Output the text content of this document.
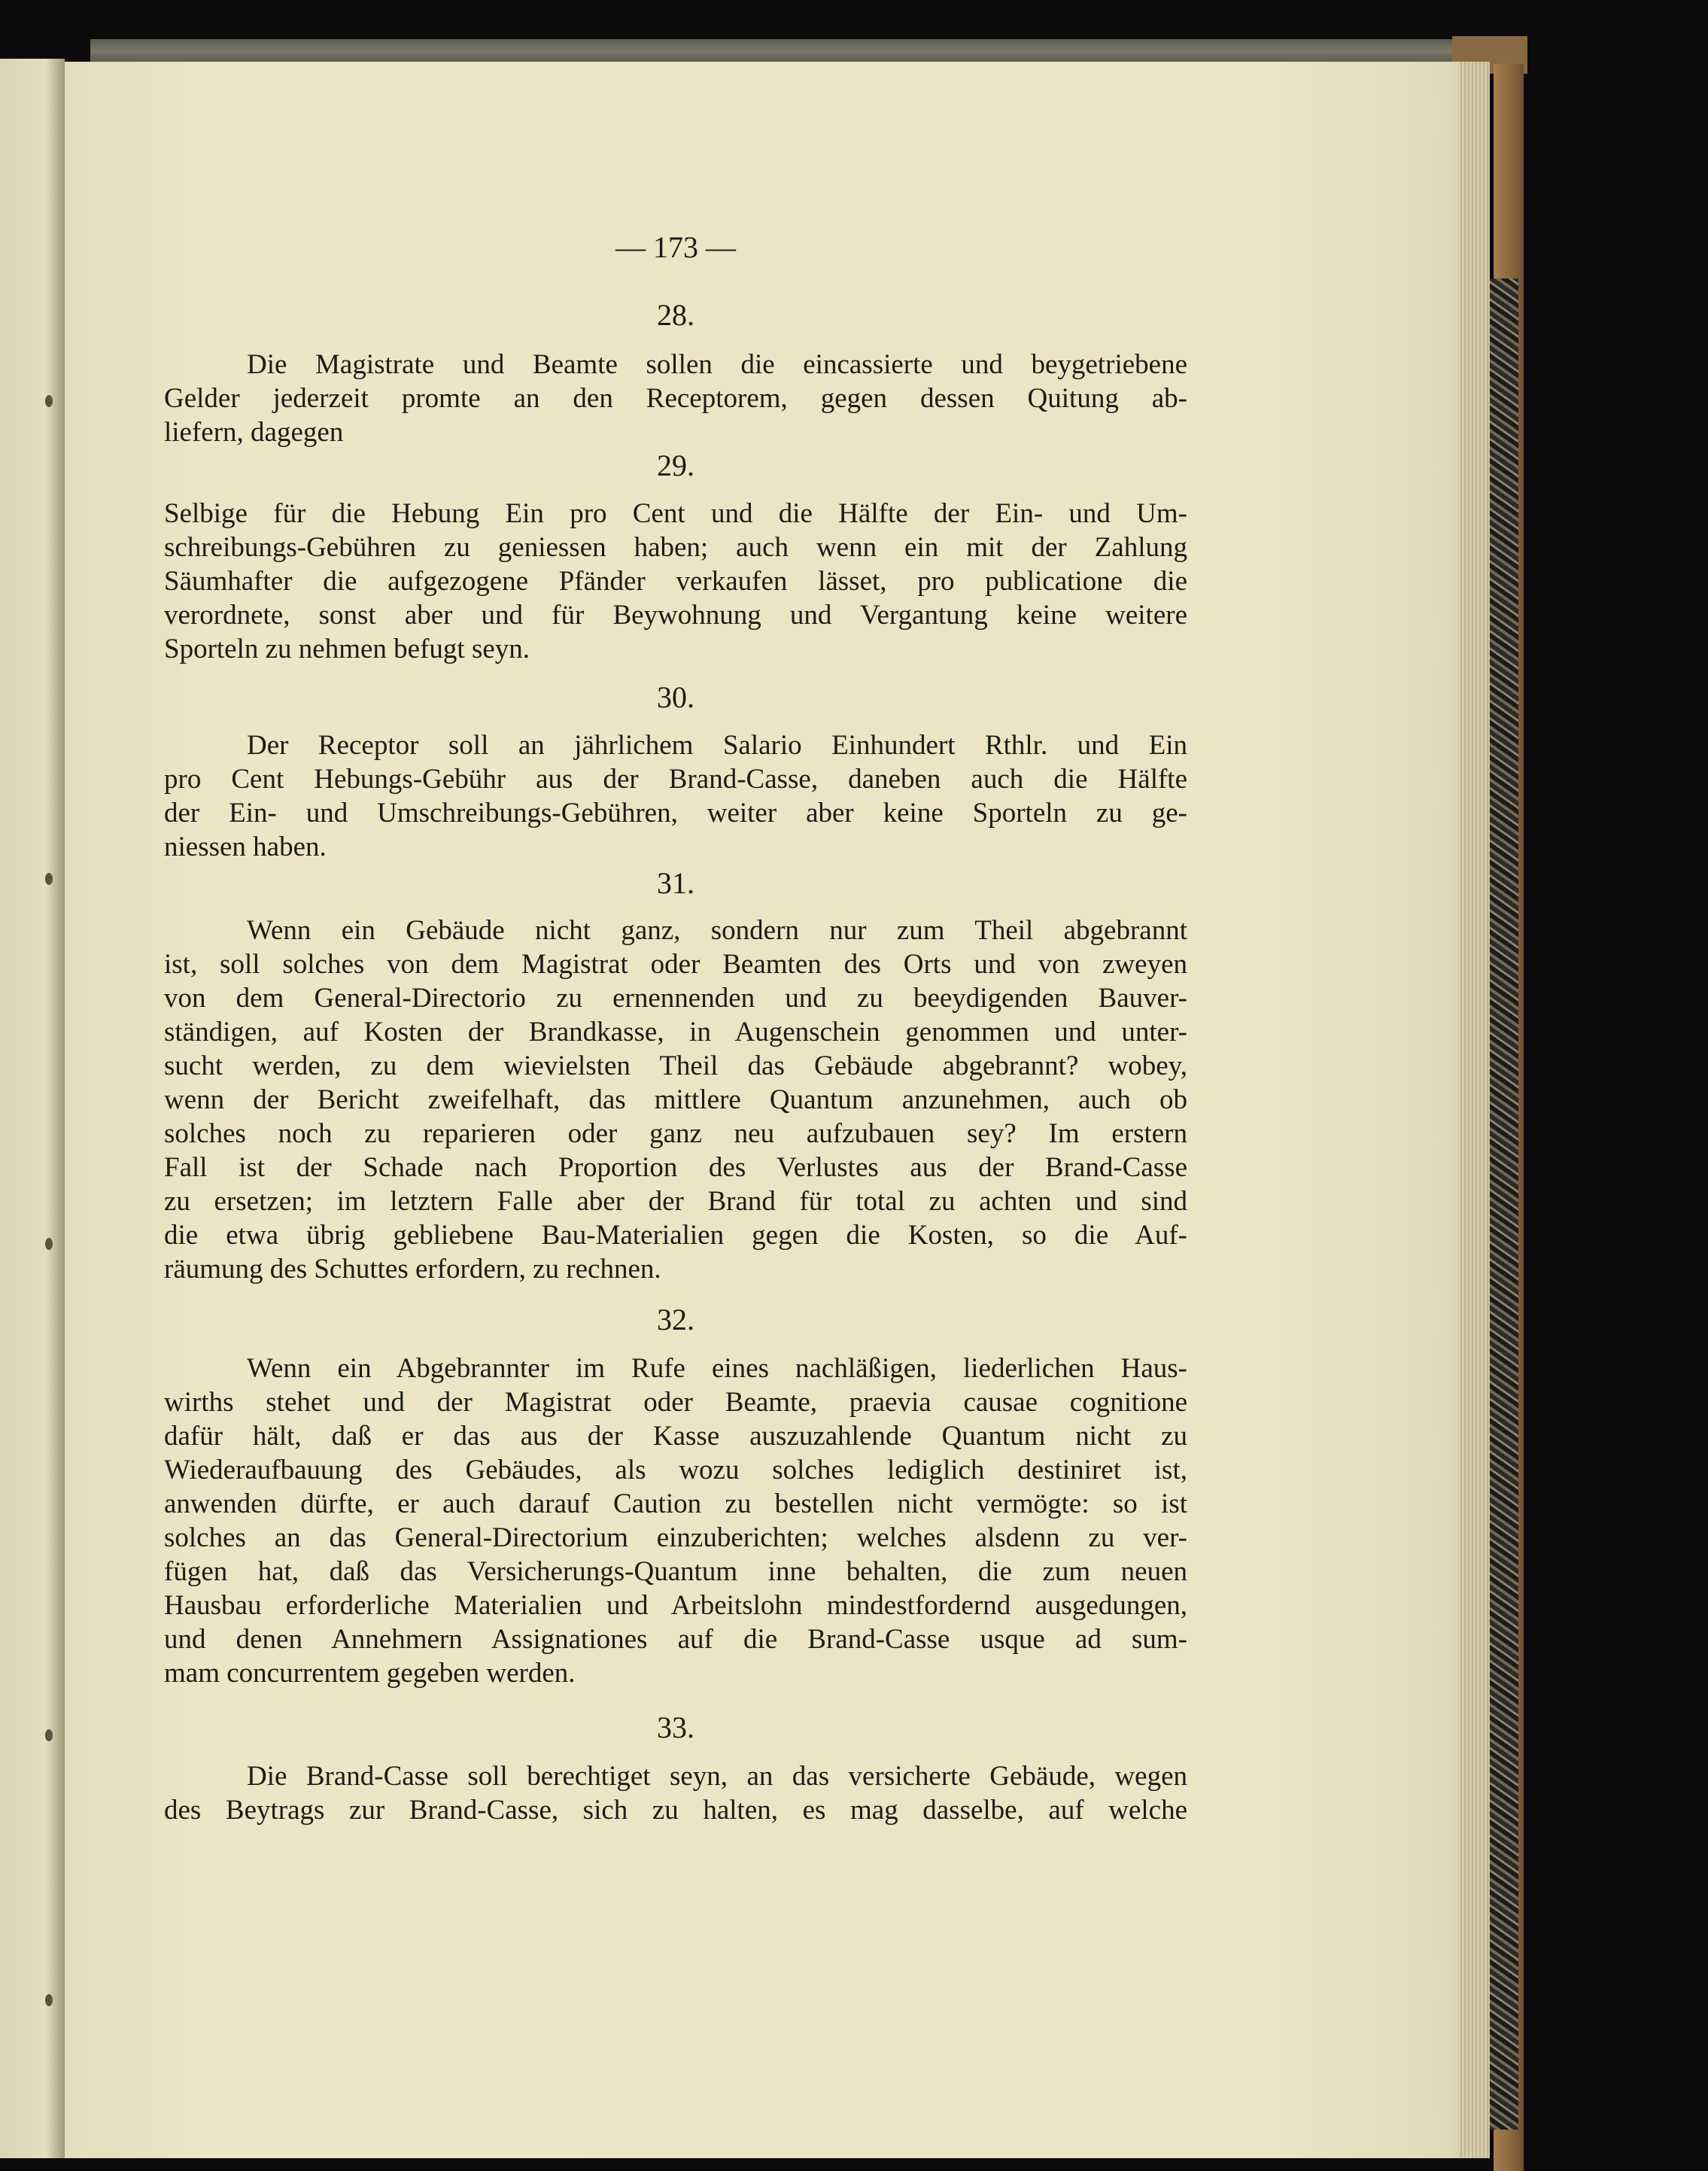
— 173 —
28.
Die Magistrate und Beamte sollen die eincassierte und beygetriebene
Gelder jederzeit promte an den Receptorem, gegen dessen Quitung ab-
liefern, dagegen
29.
Selbige für die Hebung Ein pro Cent und die Hälfte der Ein- und Um-
schreibungs-Gebühren zu geniessen haben; auch wenn ein mit der Zahlung
Säumhafter die aufgezogene Pfänder verkaufen lässet, pro publicatione die
verordnete, sonst aber und für Beywohnung und Vergantung keine weitere
Sporteln zu nehmen befugt seyn.
30.
Der Receptor soll an jährlichem Salario Einhundert Rthlr. und Ein
pro Cent Hebungs-Gebühr aus der Brand-Casse, daneben auch die Hälfte
der Ein- und Umschreibungs-Gebühren, weiter aber keine Sporteln zu ge-
niessen haben.
31.
Wenn ein Gebäude nicht ganz, sondern nur zum Theil abgebrannt
ist, soll solches von dem Magistrat oder Beamten des Orts und von zweyen
von dem General-Directorio zu ernennenden und zu beeydigenden Bauver-
ständigen, auf Kosten der Brandkasse, in Augenschein genommen und unter-
sucht werden, zu dem wievielsten Theil das Gebäude abgebrannt? wobey,
wenn der Bericht zweifelhaft, das mittlere Quantum anzunehmen, auch ob
solches noch zu reparieren oder ganz neu aufzubauen sey? Im erstern
Fall ist der Schade nach Proportion des Verlustes aus der Brand-Casse
zu ersetzen; im letztern Falle aber der Brand für total zu achten und sind
die etwa übrig gebliebene Bau-Materialien gegen die Kosten, so die Auf-
räumung des Schuttes erfordern, zu rechnen.
32.
Wenn ein Abgebrannter im Rufe eines nachläßigen, liederlichen Haus-
wirths stehet und der Magistrat oder Beamte, praevia causae cognitione
dafür hält, daß er das aus der Kasse auszuzahlende Quantum nicht zu
Wiederaufbauung des Gebäudes, als wozu solches lediglich destiniret ist,
anwenden dürfte, er auch darauf Caution zu bestellen nicht vermögte: so ist
solches an das General-Directorium einzuberichten; welches alsdenn zu ver-
fügen hat, daß das Versicherungs-Quantum inne behalten, die zum neuen
Hausbau erforderliche Materialien und Arbeitslohn mindestfordernd ausgedungen,
und denen Annehmern Assignationes auf die Brand-Casse usque ad sum-
mam concurrentem gegeben werden.
33.
Die Brand-Casse soll berechtiget seyn, an das versicherte Gebäude, wegen
des Beytrags zur Brand-Casse, sich zu halten, es mag dasselbe, auf welche
